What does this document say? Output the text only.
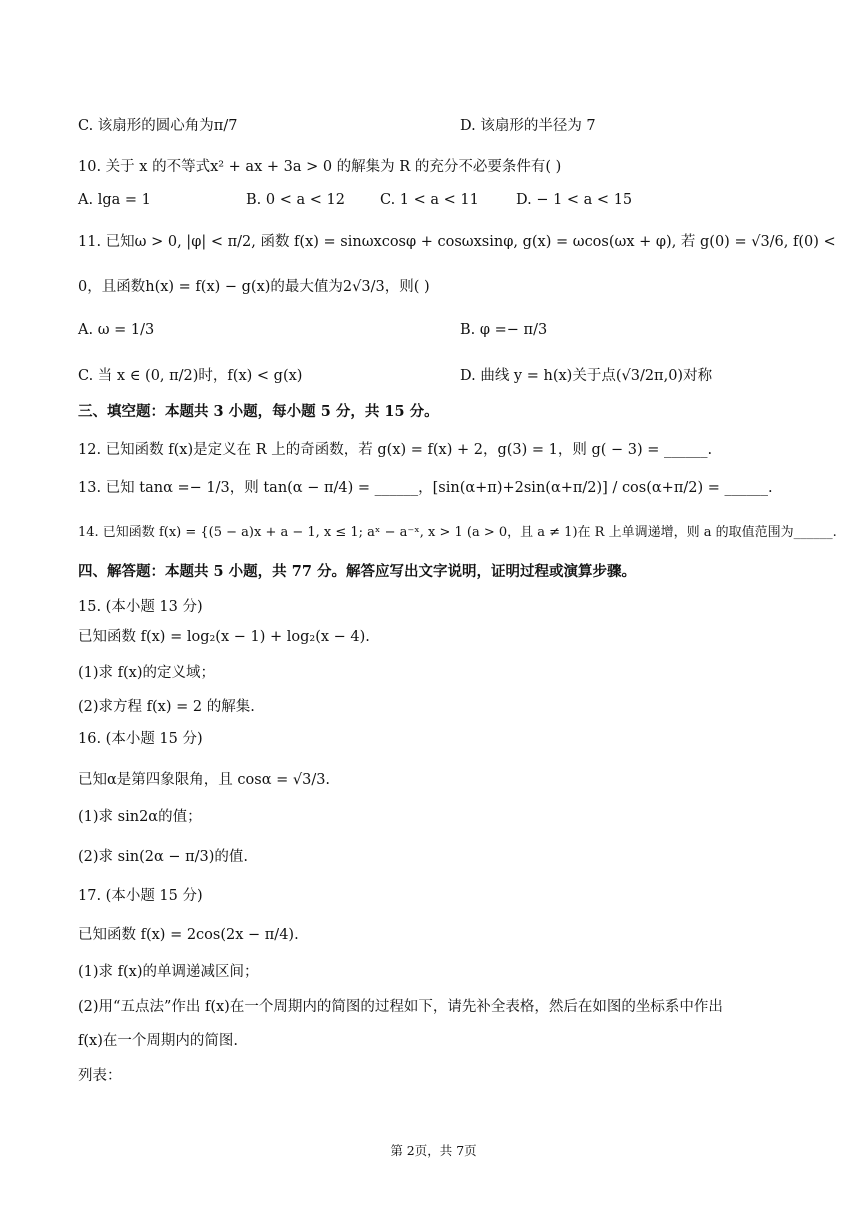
C. 该扇形的圆心角为π/7	D. 该扇形的半径为 7
10. 关于 x 的不等式x² + ax + 3a > 0 的解集为 R 的充分不必要条件有( )
A. lga = 1	B. 0 < a < 12 C. 1 < a < 11	D. − 1 < a < 15
11. 已知ω > 0, |φ| < π/2, 函数 f(x) = sinωxcosφ + cosωxsinφ, g(x) = ωcos(ωx + φ), 若 g(0) = √3/6, f(0) <
0，且函数h(x) = f(x) − g(x)的最大值为2√3/3，则( )
A. ω = 1/3	B. φ =− π/3
C. 当 x ∈ (0, π/2)时，f(x) < g(x)	D. 曲线 y = h(x)关于点(√3/2π,0)对称
三、填空题：本题共 3 小题，每小题 5 分，共 15 分。
12. 已知函数 f(x)是定义在 R 上的奇函数，若 g(x) = f(x) + 2，g(3) = 1，则 g( − 3) = ______.
13. 已知 tanα =− 1/3，则 tan(α − π/4) = ______，[sin(α+π)+2sin(α+π/2)] / cos(α+π/2) = ______.
14. 已知函数 f(x) = {(5 − a)x + a − 1, x ≤ 1; aˣ − a⁻ˣ, x > 1 (a > 0，且 a ≠ 1)在 R 上单调递增，则 a 的取值范围为______.
四、解答题：本题共 5 小题，共 77 分。解答应写出文字说明，证明过程或演算步骤。
15. (本小题 13 分)
已知函数 f(x) = log₂(x − 1) + log₂(x − 4).
(1)求 f(x)的定义域；
(2)求方程 f(x) = 2 的解集.
16. (本小题 15 分)
已知α是第四象限角，且 cosα = √3/3.
(1)求 sin2α的值；
(2)求 sin(2α − π/3)的值.
17. (本小题 15 分)
已知函数 f(x) = 2cos(2x − π/4).
(1)求 f(x)的单调递减区间；
(2)用“五点法”作出 f(x)在一个周期内的简图的过程如下，请先补全表格，然后在如图的坐标系中作出
f(x)在一个周期内的简图.
列表：
第 2页，共 7页
